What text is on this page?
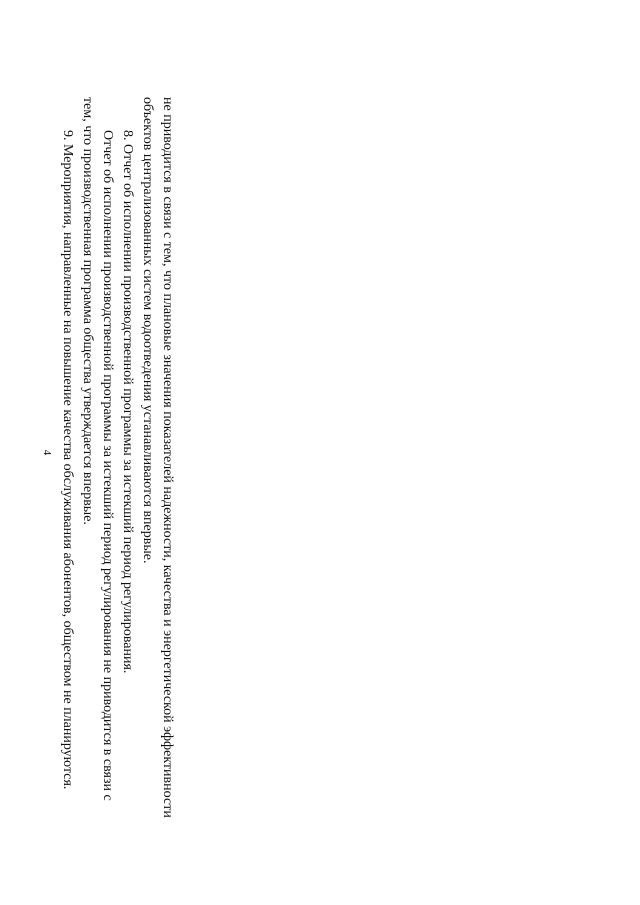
4	не приводится в связи с тем, что плановые значения показателей надежности, качества и энергетической эффективности
объектов централизованных систем водоотведения устанавливаются впервые.
8. Отчет об исполнении производственной программы за истекший период регулирования.
Отчет об исполнении производственной программы за истекший период регулирования не приводится в связи с
тем, что производственная программа общества утверждается впервые.
9. Мероприятия, направленные на повышение качества обслуживания абонентов, обществом не планируются.
